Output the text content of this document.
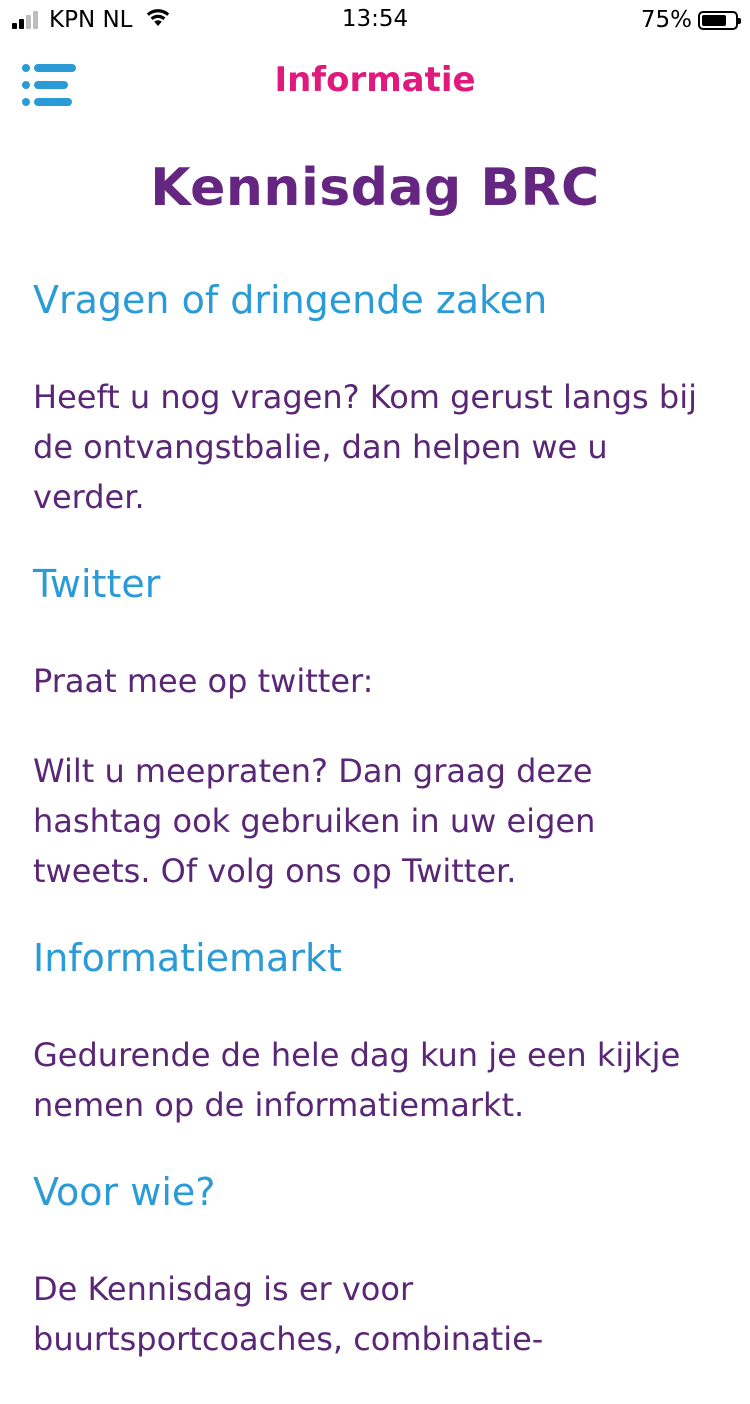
KPN NL	13:54	75%
Informatie
Kennisdag BRC
Vragen of dringende zaken

Heeft u nog vragen? Kom gerust langs bij de ontvangstbalie, dan helpen we u verder.

Twitter

Praat mee op twitter:

Wilt u meepraten? Dan graag deze hashtag ook gebruiken in uw eigen tweets. Of volg ons op Twitter.

Informatiemarkt

Gedurende de hele dag kun je een kijkje nemen op de informatiemarkt.

Voor wie?

De Kennisdag is er voor buurtsportcoaches, combinatie-
